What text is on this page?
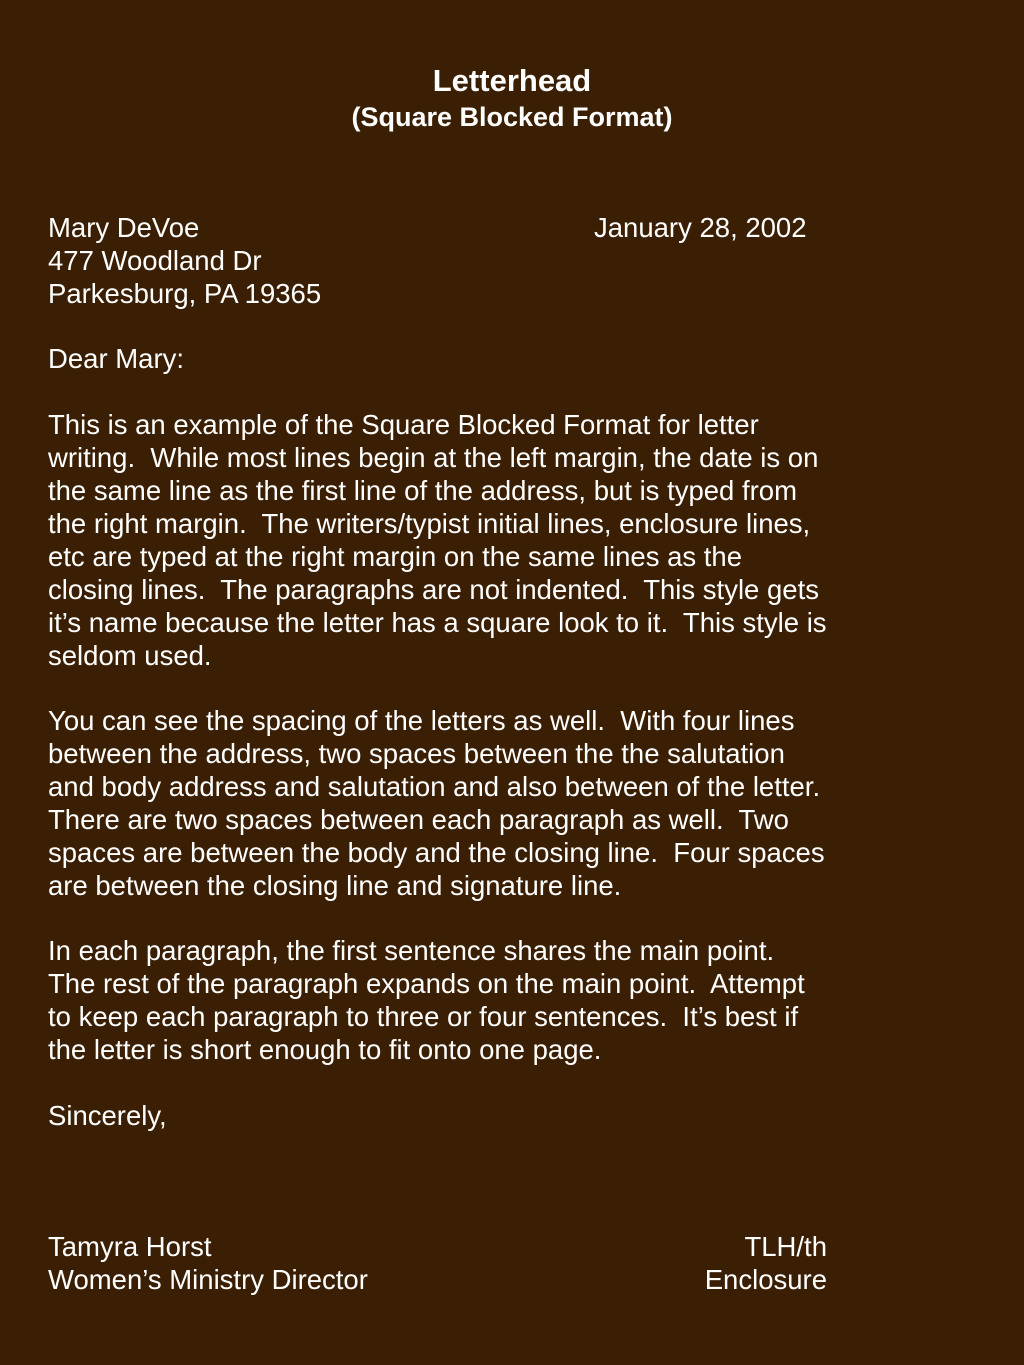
Letterhead
(Square Blocked Format)
Mary DeVoe	January 28, 2002
477 Woodland Dr
Parkesburg, PA 19365
Dear Mary:
This is an example of the Square Blocked Format for letter
writing.  While most lines begin at the left margin, the date is on
the same line as the first line of the address, but is typed from
the right margin.  The writers/typist initial lines, enclosure lines,
etc are typed at the right margin on the same lines as the
closing lines.  The paragraphs are not indented.  This style gets
it’s name because the letter has a square look to it.  This style is
seldom used.
You can see the spacing of the letters as well.  With four lines
between the address, two spaces between the the salutation
and body address and salutation and also between of the letter.
There are two spaces between each paragraph as well.  Two
spaces are between the body and the closing line.  Four spaces
are between the closing line and signature line.
In each paragraph, the first sentence shares the main point.
The rest of the paragraph expands on the main point.  Attempt
to keep each paragraph to three or four sentences.  It’s best if
the letter is short enough to fit onto one page.
Sincerely,
Tamyra Horst	TLH/th
Women’s Ministry Director	Enclosure
